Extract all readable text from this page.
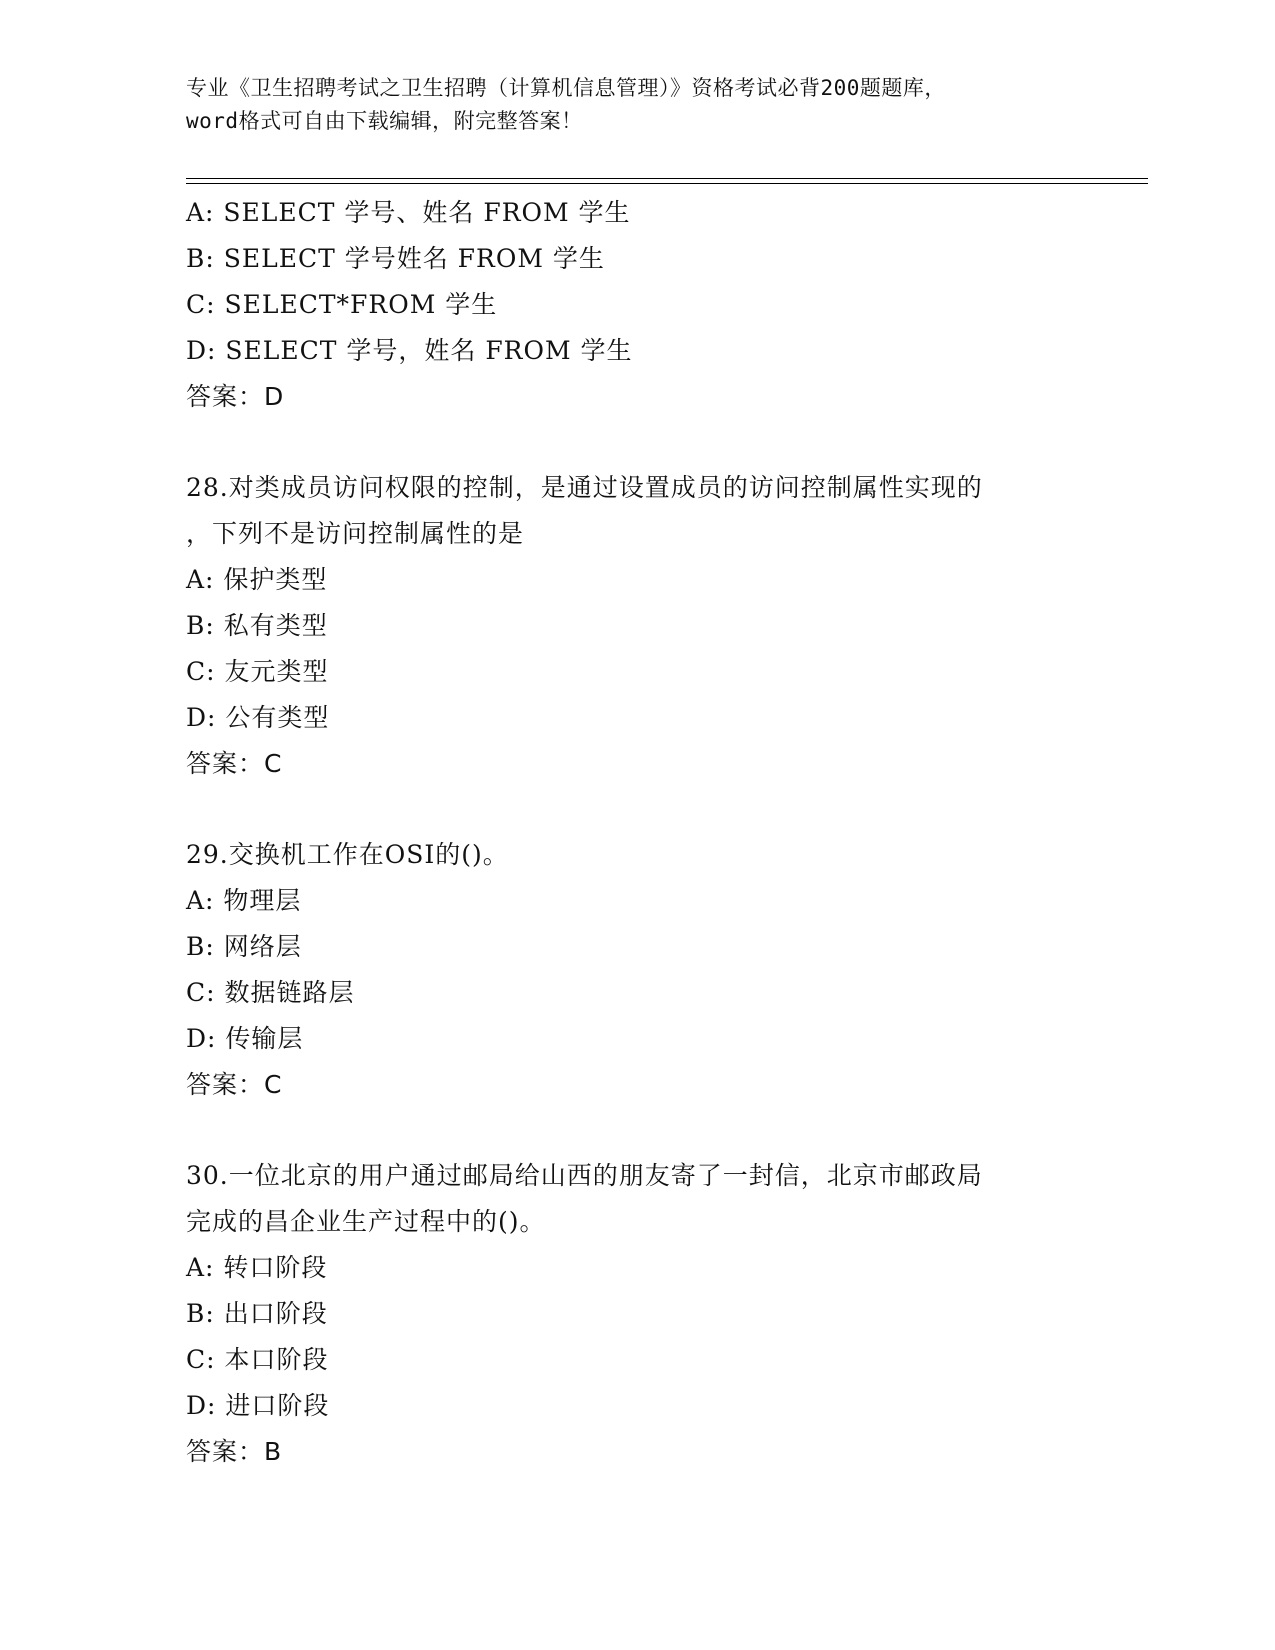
专业《卫生招聘考试之卫生招聘（计算机信息管理）》资格考试必背200题题库，
word格式可自由下载编辑，附完整答案！
A: SELECT 学号、姓名 FROM 学生
B: SELECT 学号姓名 FROM 学生
C: SELECT*FROM 学生
D: SELECT 学号，姓名 FROM 学生
答案：D
28.对类成员访问权限的控制，是通过设置成员的访问控制属性实现的
，下列不是访问控制属性的是
A: 保护类型
B: 私有类型
C: 友元类型
D: 公有类型
答案：C
29.交换机工作在OSI的()。
A: 物理层
B: 网络层
C: 数据链路层
D: 传输层
答案：C
30.一位北京的用户通过邮局给山西的朋友寄了一封信，北京市邮政局
完成的昌企业生产过程中的()。
A: 转口阶段
B: 出口阶段
C: 本口阶段
D: 进口阶段
答案：B
